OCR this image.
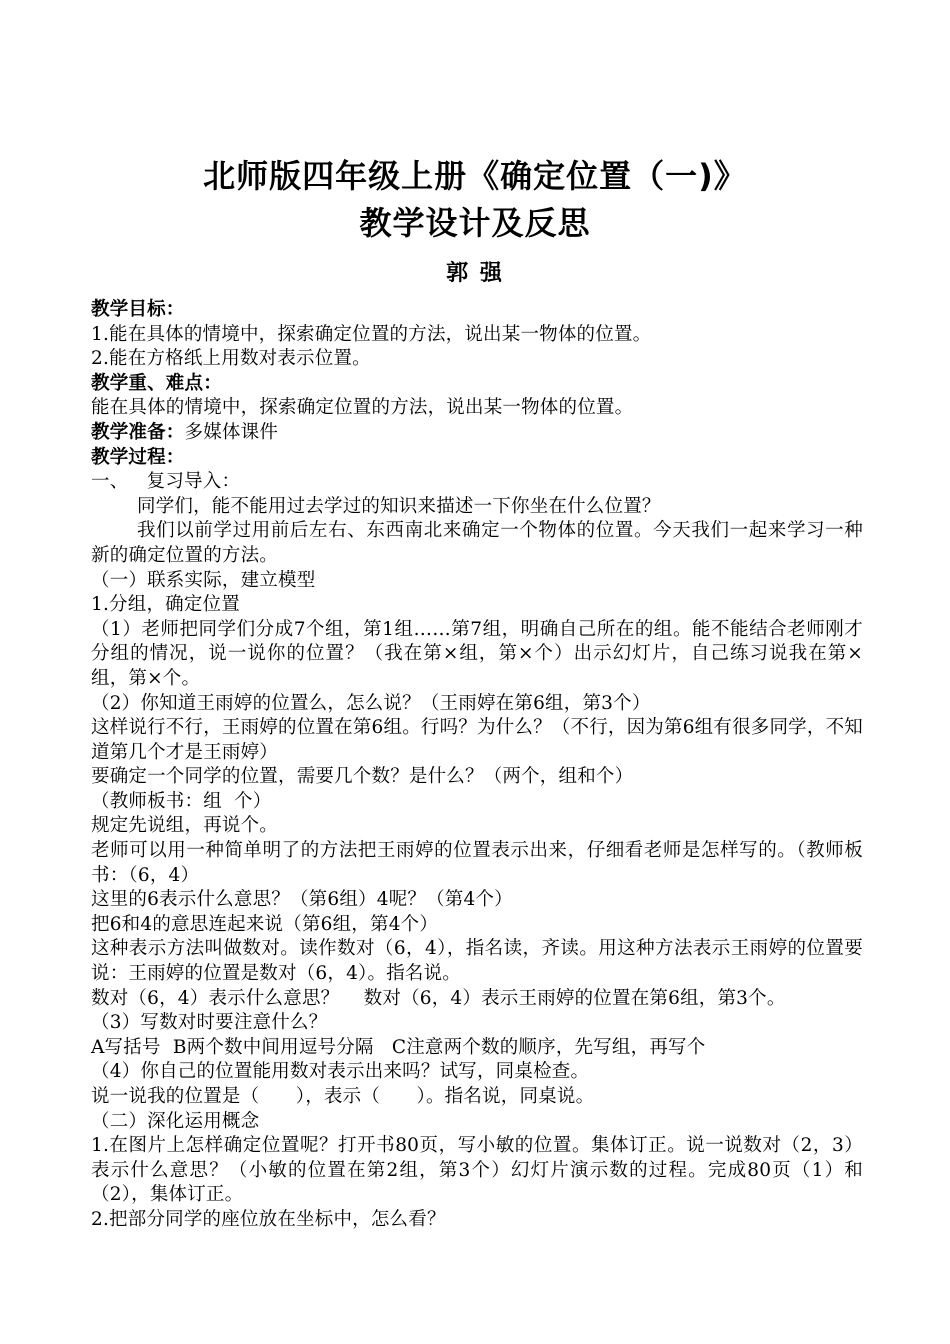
北师版四年级上册《确定位置（一)》
教学设计及反思
郭 强

教学目标：

1.能在具体的情境中，探索确定位置的方法，说出某一物体的位置。

2.能在方格纸上用数对表示位置。

教学重、难点：

能在具体的情境中，探索确定位置的方法，说出某一物体的位置。

教学准备：多媒体课件

教学过程：

一、   复习导入：

同学们，能不能用过去学过的知识来描述一下你坐在什么位置？

我们以前学过用前后左右、东西南北来确定一个物体的位置。今天我们一起来学习一种新的确定位置的方法。

（一）联系实际，建立模型

1.分组，确定位置

（1）老师把同学们分成7个组，第1组……第7组，明确自己所在的组。能不能结合老师刚才分组的情况，说一说你的位置？（我在第×组，第×个）出示幻灯片，自己练习说我在第×组，第×个。

（2）你知道王雨婷的位置么，怎么说？（王雨婷在第6组，第3个）

这样说行不行，王雨婷的位置在第6组。行吗？为什么？（不行，因为第6组有很多同学，不知道第几个才是王雨婷）

要确定一个同学的位置，需要几个数？是什么？（两个，组和个）

（教师板书：组  个）

规定先说组，再说个。

老师可以用一种简单明了的方法把王雨婷的位置表示出来，仔细看老师是怎样写的。（教师板书：（6，4）

这里的6表示什么意思？（第6组）4呢？（第4个）

把6和4的意思连起来说（第6组，第4个）

这种表示方法叫做数对。读作数对（6，4），指名读，齐读。用这种方法表示王雨婷的位置要说：王雨婷的位置是数对（6，4）。指名说。

数对（6，4）表示什么意思？    数对（6，4）表示王雨婷的位置在第6组，第3个。

（3）写数对时要注意什么？

A写括号  B两个数中间用逗号分隔   C注意两个数的顺序，先写组，再写个

（4）你自己的位置能用数对表示出来吗？试写，同桌检查。

说一说我的位置是（      ），表示（      ）。指名说，同桌说。

（二）深化运用概念

1.在图片上怎样确定位置呢？打开书80页，写小敏的位置。集体订正。说一说数对（2，3）表示什么意思？（小敏的位置在第2组，第3个）幻灯片演示数的过程。完成80页（1）和（2），集体订正。

2.把部分同学的座位放在坐标中，怎么看？
